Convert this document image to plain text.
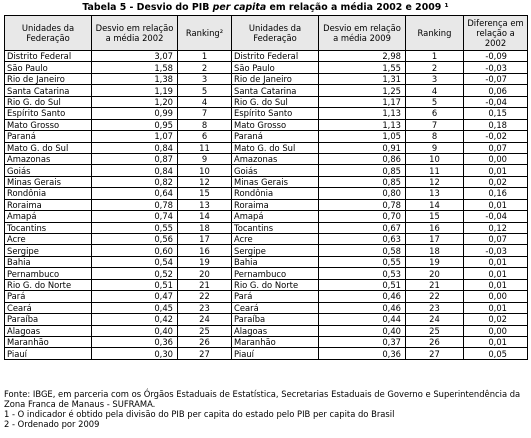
Tabela 5 - Desvio do PIB per capita em relação a média 2002 e 2009 ¹
Unidades da Federação	Desvio em relação a média 2002	Ranking²	Unidades da Federação	Desvio em relação a média 2009	Ranking	Diferença em relação a 2002
Distrito Federal	3,07	1	Distrito Federal	2,98	1	-0,09
São Paulo	1,58	2	São Paulo	1,55	2	-0,03
Rio de Janeiro	1,38	3	Rio de Janeiro	1,31	3	-0,07
Santa Catarina	1,19	5	Santa Catarina	1,25	4	0,06
Rio G. do Sul	1,20	4	Rio G. do Sul	1,17	5	-0,04
Espírito Santo	0,99	7	Espírito Santo	1,13	6	0,15
Mato Grosso	0,95	8	Mato Grosso	1,13	7	0,18
Paraná	1,07	6	Paraná	1,05	8	-0,02
Mato G. do Sul	0,84	11	Mato G. do Sul	0,91	9	0,07
Amazonas	0,87	9	Amazonas	0,86	10	0,00
Goiás	0,84	10	Goiás	0,85	11	0,01
Minas Gerais	0,82	12	Minas Gerais	0,85	12	0,02
Rondônia	0,64	15	Rondônia	0,80	13	0,16
Roraima	0,78	13	Roraima	0,78	14	0,01
Amapá	0,74	14	Amapá	0,70	15	-0,04
Tocantins	0,55	18	Tocantins	0,67	16	0,12
Acre	0,56	17	Acre	0,63	17	0,07
Sergipe	0,60	16	Sergipe	0,58	18	-0,03
Bahia	0,54	19	Bahia	0,55	19	0,01
Pernambuco	0,52	20	Pernambuco	0,53	20	0,01
Rio G. do Norte	0,51	21	Rio G. do Norte	0,51	21	0,01
Pará	0,47	22	Pará	0,46	22	0,00
Ceará	0,45	23	Ceará	0,46	23	0,01
Paraíba	0,42	24	Paraíba	0,44	24	0,02
Alagoas	0,40	25	Alagoas	0,40	25	0,00
Maranhão	0,36	26	Maranhão	0,37	26	0,01
Piauí	0,30	27	Piauí	0,36	27	0,05
Fonte: IBGE, em parceria com os Órgãos Estaduais de Estatística, Secretarias Estaduais de Governo e Superintendência da Zona Franca de Manaus - SUFRAMA.
1 - O indicador é obtido pela divisão do PIB per capita do estado pelo PIB per capita do Brasil
2 - Ordenado por 2009
